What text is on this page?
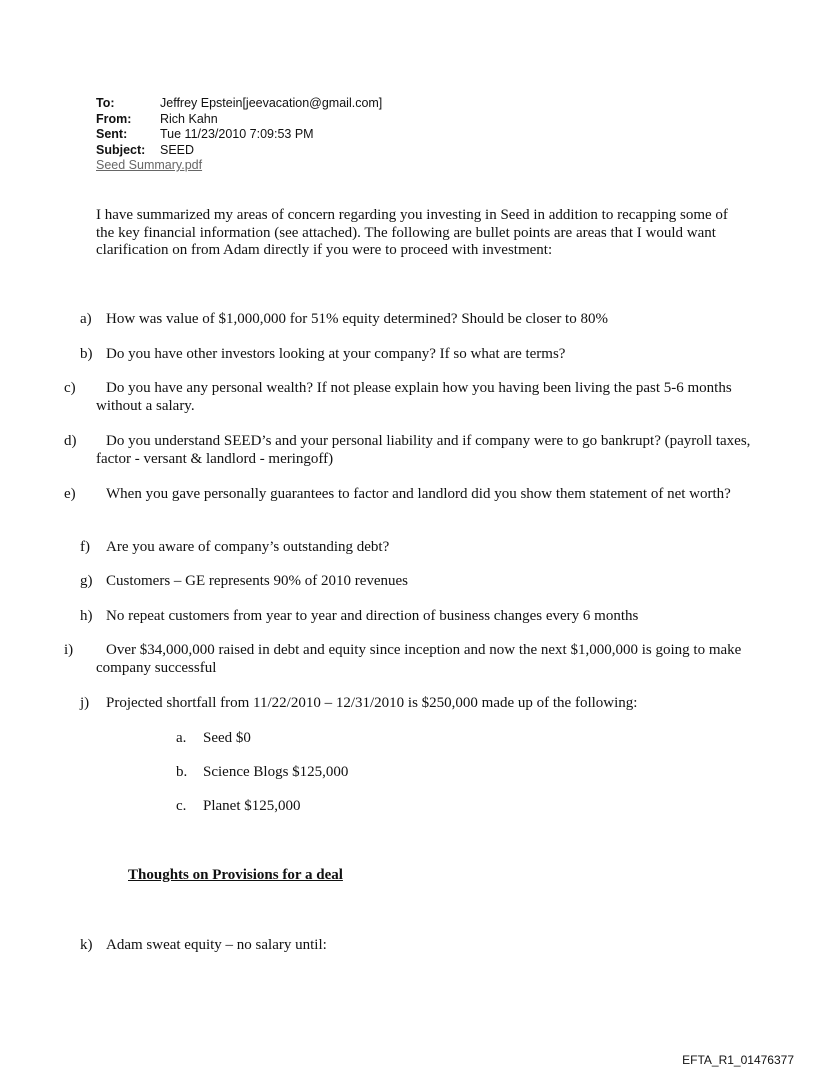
To:	Jeffrey Epstein[jeevacation@gmail.com]
From:	Rich Kahn
Sent:	Tue 11/23/2010 7:09:53 PM
Subject:	SEED
Seed Summary.pdf
I have summarized my areas of concern regarding you investing in Seed in addition to recapping some of the key financial information (see attached). The following are bullet points are areas that I would want clarification on from Adam directly if you were to proceed with investment:
a) How was value of $1,000,000 for 51% equity determined? Should be closer to 80%
b) Do you have other investors looking at your company? If so what are terms?
c) Do you have any personal wealth? If not please explain how you having been living the past 5-6 months without a salary.
d) Do you understand SEED’s and your personal liability and if company were to go bankrupt? (payroll taxes, factor - versant & landlord - meringoff)
e) When you gave personally guarantees to factor and landlord did you show them statement of net worth?
f) Are you aware of company’s outstanding debt?
g) Customers – GE represents 90% of 2010 revenues
h) No repeat customers from year to year and direction of business changes every 6 months
i) Over $34,000,000 raised in debt and equity since inception and now the next $1,000,000 is going to make company successful
j) Projected shortfall from 11/22/2010 – 12/31/2010 is $250,000 made up of the following:
a. Seed $0
b. Science Blogs $125,000
c. Planet $125,000
Thoughts on Provisions for a deal
k) Adam sweat equity – no salary until:
EFTA_R1_01476377
